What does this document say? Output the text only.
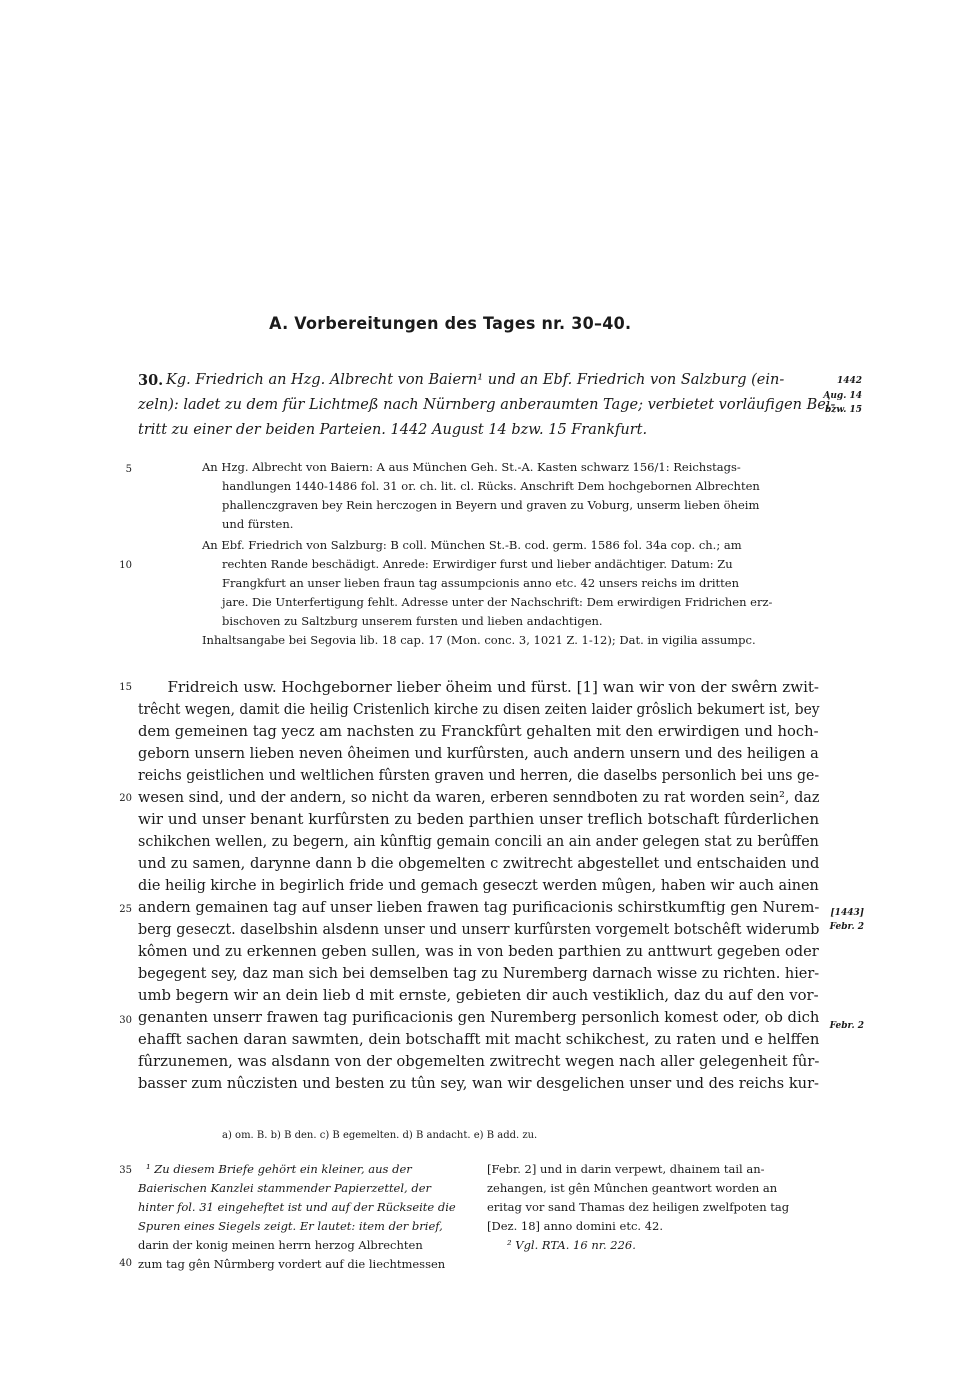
A. Vorbereitungen des Tages nr. 30–40.
30. Kg. Friedrich an Hzg. Albrecht von Baiern¹ und an Ebf. Friedrich von Salzburg (ein-
zeln): ladet zu dem für Lichtmeß nach Nürnberg anberaumten Tage; verbietet vorläufigen Bei-
tritt zu einer der beiden Parteien. 1442 August 14 bzw. 15 Frankfurt.
1442
Aug. 14
bzw. 15
5
10
An Hzg. Albrecht von Baiern: A aus München Geh. St.-A. Kasten schwarz 156/1: Reichstags-
handlungen 1440-1486 fol. 31 or. ch. lit. cl. Rücks. Anschrift Dem hochgebornen Albrechten
phallenczgraven bey Rein herczogen in Beyern und graven zu Voburg, unserm lieben öheim
und fürsten.
An Ebf. Friedrich von Salzburg: B coll. München St.-B. cod. germ. 1586 fol. 34a cop. ch.; am
rechten Rande beschädigt. Anrede: Erwirdiger furst und lieber andächtiger. Datum: Zu
Frangkfurt an unser lieben fraun tag assumpcionis anno etc. 42 unsers reichs im dritten
jare. Die Unterfertigung fehlt. Adresse unter der Nachschrift: Dem erwirdigen Fridrichen erz-
bischoven zu Saltzburg unserem fursten und lieben andachtigen.
Inhaltsangabe bei Segovia lib. 18 cap. 17 (Mon. conc. 3, 1021 Z. 1-12); Dat. in vigilia assumpc.
15
20
25
30
Fridreich usw. Hochgeborner lieber öheim und fürst. [1] wan wir von der swêrn zwit-
trêcht wegen, damit die heilig Cristenlich kirche zu disen zeiten laider grôslich bekumert ist, bey
dem gemeinen tag yecz am nachsten zu Franckfûrt gehalten mit den erwirdigen und hoch-
geborn unsern lieben neven ôheimen und kurfûrsten, auch andern unsern und des heiligen a
reichs geistlichen und weltlichen fûrsten graven und herren, die daselbs personlich bei uns ge-
wesen sind, und der andern, so nicht da waren, erberen senndboten zu rat worden sein², daz
wir und unser benant kurfûrsten zu beden parthien unser treflich botschaft fûrderlichen
schikchen wellen, zu begern, ain kûnftig gemain concili an ain ander gelegen stat zu berûffen
und zu samen, darynne dann b die obgemelten c zwitrecht abgestellet und entschaiden und
die heilig kirche in begirlich fride und gemach geseczt werden mûgen, haben wir auch ainen
andern gemainen tag auf unser lieben frawen tag purificacionis schirstkumftig gen Nurem-
berg geseczt. daselbshin alsdenn unser und unserr kurfûrsten vorgemelt botschêft widerumb
kômen und zu erkennen geben sullen, was in von beden parthien zu anttwurt gegeben oder
begegent sey, daz man sich bei demselben tag zu Nuremberg darnach wisse zu richten. hier-
umb begern wir an dein lieb d mit ernste, gebieten dir auch vestiklich, daz du auf den vor-
genanten unserr frawen tag purificacionis gen Nuremberg personlich komest oder, ob dich
ehafft sachen daran sawmten, dein botschafft mit macht schikchest, zu raten und e helffen
fûrzunemen, was alsdann von der obgemelten zwitrecht wegen nach aller gelegenheit fûr-
basser zum nûczisten und besten zu tûn sey, wan wir desgelichen unser und des reichs kur-
[1443]
Febr. 2
Febr. 2
a) om. B. b) B den. c) B egemelten. d) B andacht. e) B add. zu.
35
40
¹ Zu diesem Briefe gehört ein kleiner, aus der
Baierischen Kanzlei stammender Papierzettel, der
hinter fol. 31 eingeheftet ist und auf der Rückseite die
Spuren eines Siegels zeigt. Er lautet: item der brief,
darin der konig meinen herrn herzog Albrechten
zum tag gên Nûrmberg vordert auf die liechtmessen
[Febr. 2] und in darin verpewt, dhainem tail an-
zehangen, ist gên Mûnchen geantwort worden an
eritag vor sand Thamas dez heiligen zwelfpoten tag
[Dez. 18] anno domini etc. 42.
² Vgl. RTA. 16 nr. 226.
